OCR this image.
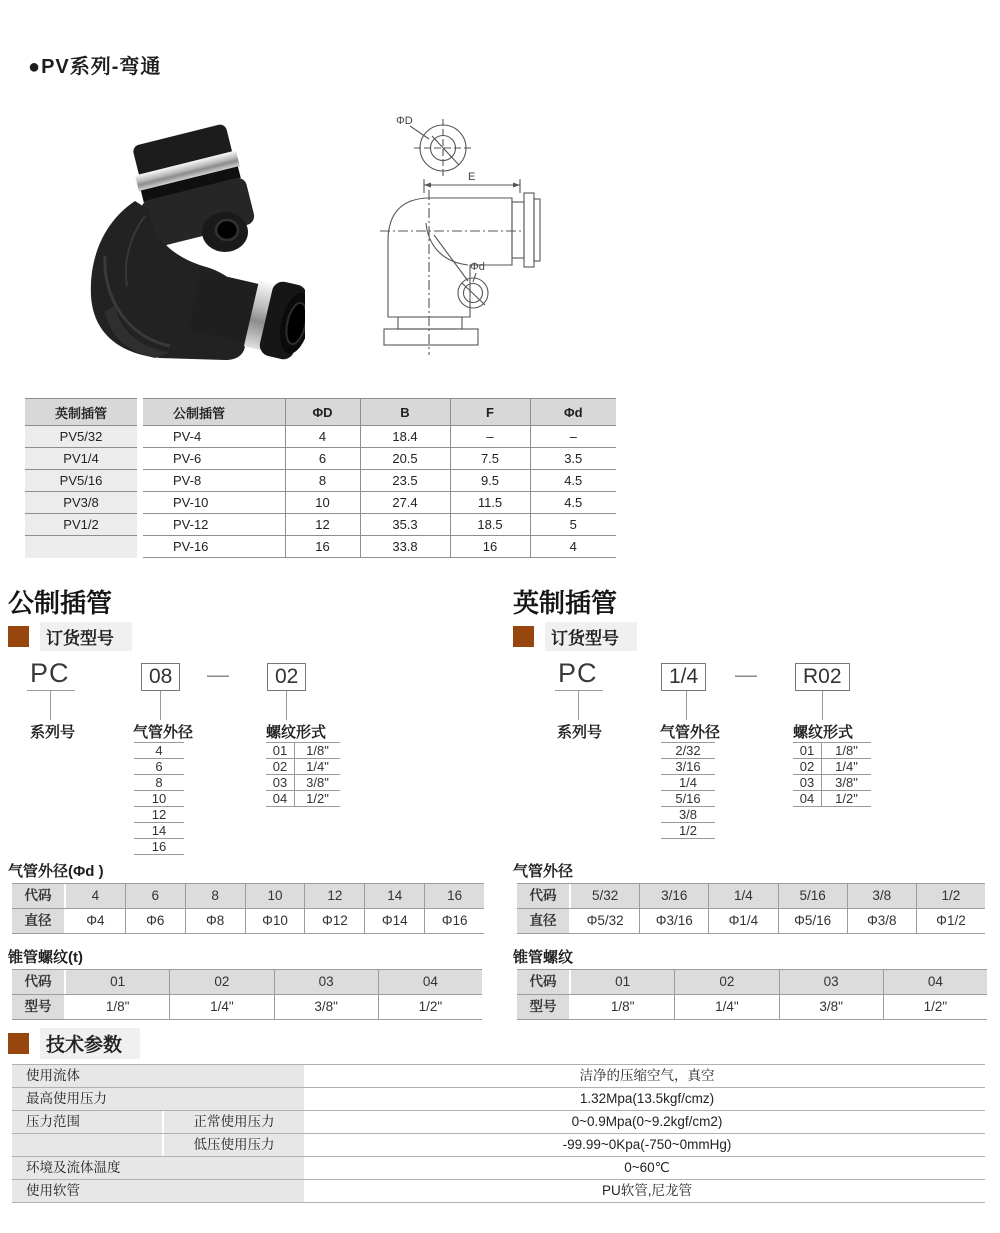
●PV系列-弯通
ΦD
E
Φd
英制插管	公制插管	ΦD	B	F	Φd
PV5/32	PV-4	4	18.4	–	–
PV1/4	PV-6	6	20.5	7.5	3.5
PV5/16	PV-8	8	23.5	9.5	4.5
PV3/8	PV-10	10	27.4	11.5	4.5
PV1/2	PV-12	12	35.3	18.5	5
	PV-16	16	33.8	16	4
公制插管
订货型号
PC	08	—	02
系列号	气管外径	螺纹形式
4
6
8
10
12
14
16
01	1/8"
02	1/4"
03	3/8"
04	1/2"
英制插管
订货型号
PC	1/4	—	R02
系列号	气管外径	螺纹形式
2/32
3/16
1/4
5/16
3/8
1/2
01	1/8"
02	1/4"
03	3/8"
04	1/2"
气管外径(Φd )
代码	4	6	8	10	12	14	16
直径	Φ4	Φ6	Φ8	Φ10	Φ12	Φ14	Φ16
锥管螺纹(t)
代码	01	02	03	04
型号	1/8"	1/4"	3/8"	1/2"
气管外径
代码	5/32	3/16	1/4	5/16	3/8	1/2
直径	Φ5/32	Φ3/16	Φ1/4	Φ5/16	Φ3/8	Φ1/2
锥管螺纹
代码	01	02	03	04
型号	1/8"	1/4"	3/8"	1/2"
技术参数
使用流体	洁净的压缩空气，真空
最高使用压力	1.32Mpa(13.5kgf/cmz)
压力范围	正常使用压力	0~0.9Mpa(0~9.2kgf/cm2)
低压使用压力	-99.99~0Kpa(-750~0mmHg)
环境及流体温度	0~60℃
使用软管	PU软管,尼龙管
